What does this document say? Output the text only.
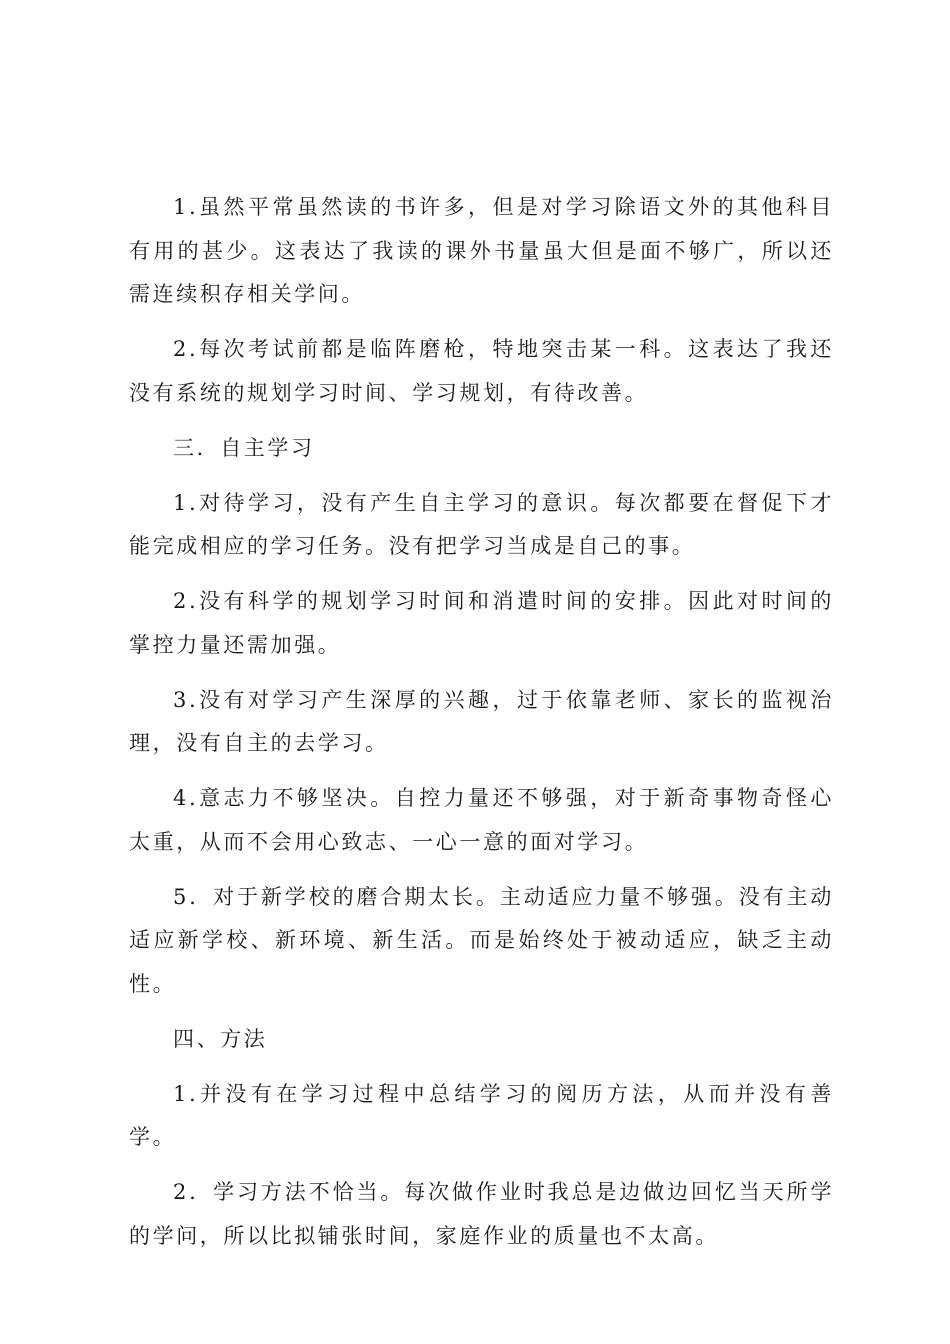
1.虽然平常虽然读的书许多，但是对学习除语文外的其他科目有用的甚少。这表达了我读的课外书量虽大但是面不够广，所以还需连续积存相关学问。

2.每次考试前都是临阵磨枪，特地突击某一科。这表达了我还没有系统的规划学习时间、学习规划，有待改善。

三．自主学习

1.对待学习，没有产生自主学习的意识。每次都要在督促下才能完成相应的学习任务。没有把学习当成是自己的事。

2.没有科学的规划学习时间和消遣时间的安排。因此对时间的掌控力量还需加强。

3.没有对学习产生深厚的兴趣，过于依靠老师、家长的监视治理，没有自主的去学习。

4.意志力不够坚决。自控力量还不够强，对于新奇事物奇怪心太重，从而不会用心致志、一心一意的面对学习。

5．对于新学校的磨合期太长。主动适应力量不够强。没有主动适应新学校、新环境、新生活。而是始终处于被动适应，缺乏主动性。

四、方法

1.并没有在学习过程中总结学习的阅历方法，从而并没有善学。

2．学习方法不恰当。每次做作业时我总是边做边回忆当天所学的学问，所以比拟铺张时间，家庭作业的质量也不太高。
